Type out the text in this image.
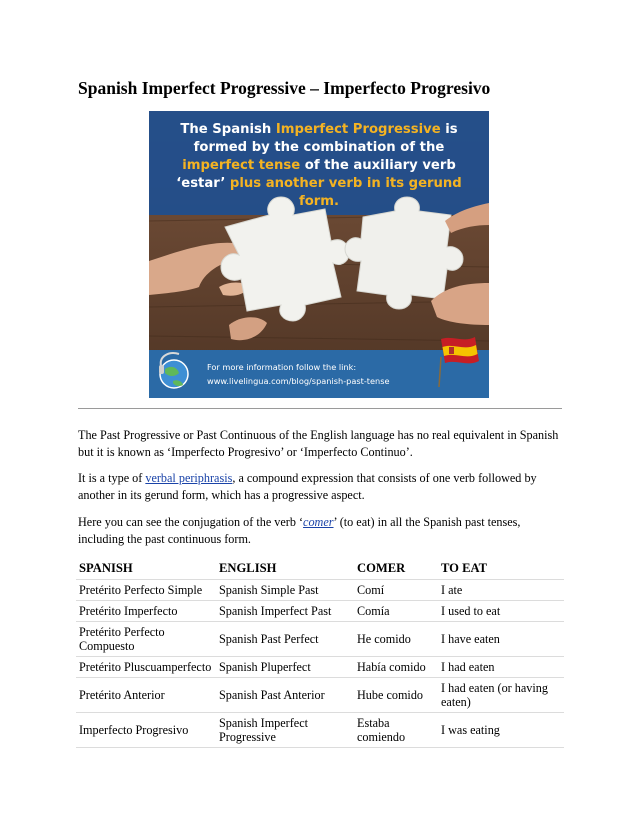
Spanish Imperfect Progressive – Imperfecto Progresivo
The Spanish Imperfect Progressive is
formed by the combination of the
imperfect tense of the auxiliary verb
‘estar’ plus another verb in its gerund
form.
For more information follow the link:
www.livelingua.com/blog/spanish-past-tense

The Past Progressive or Past Continuous of the English language has no real equivalent in Spanish but it is known as ‘Imperfecto Progresivo’ or ‘Imperfecto Continuo’.

It is a type of verbal periphrasis, a compound expression that consists of one verb followed by another in its gerund form, which has a progressive aspect.

Here you can see the conjugation of the verb ‘comer’ (to eat) in all the Spanish past tenses, including the past continuous form.

SPANISH	ENGLISH	COMER	TO EAT
Pretérito Perfecto Simple	Spanish Simple Past	Comí	I ate
Pretérito Imperfecto	Spanish Imperfect Past	Comía	I used to eat
Pretérito Perfecto Compuesto	Spanish Past Perfect	He comido	I have eaten
Pretérito Pluscuamperfecto	Spanish Pluperfect	Había comido	I had eaten
Pretérito Anterior	Spanish Past Anterior	Hube comido	I had eaten (or having eaten)
Imperfecto Progresivo	Spanish Imperfect Progressive	Estaba comiendo	I was eating
